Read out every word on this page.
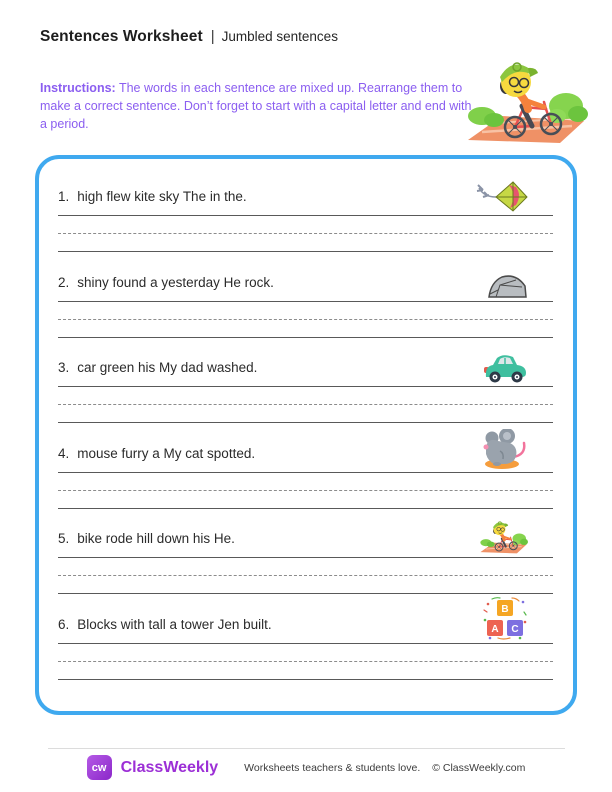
Sentences Worksheet | Jumbled sentences

Instructions: The words in each sentence are mixed up. Rearrange them to make a correct sentence. Don’t forget to start with a capital letter and end with a period.

1. high flew kite sky The in the.
2. shiny found a yesterday He rock.
3. car green his My dad washed.
4. mouse furry a My cat spotted.
5. bike rode hill down his He.
6. Blocks with tall a tower Jen built.
B
A C
cw ClassWeekly Worksheets teachers & students love. © ClassWeekly.com
